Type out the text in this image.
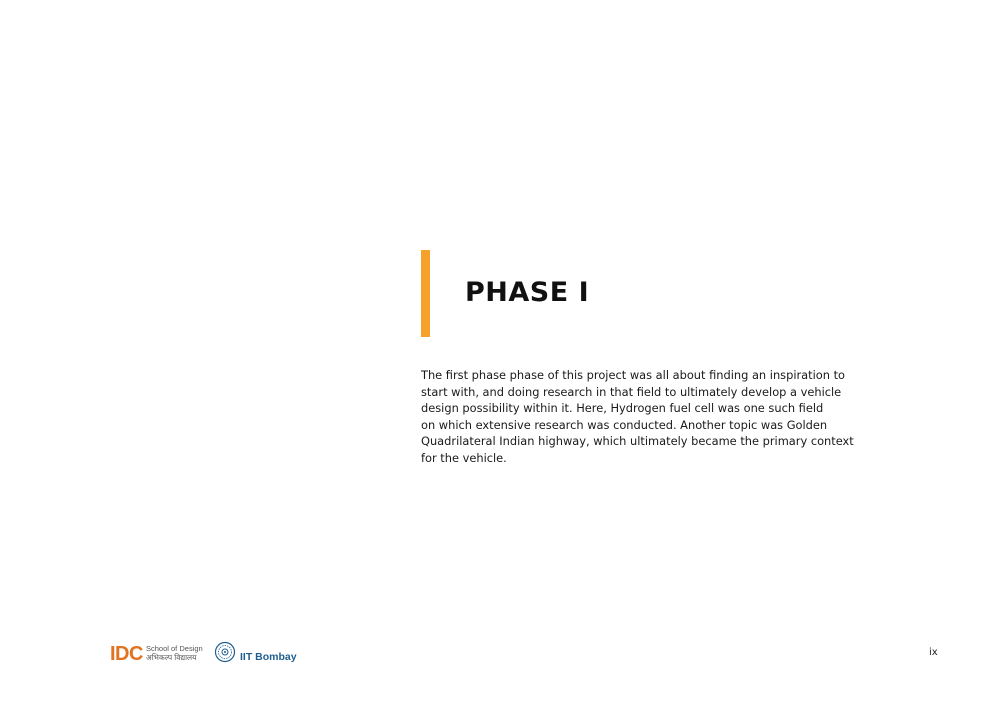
PHASE I

The first phase phase of this project was all about finding an inspiration to
start with, and doing research in that field to ultimately develop a vehicle
design possibility within it. Here, Hydrogen fuel cell was one such field
on which extensive research was conducted. Another topic was Golden
Quadrilateral Indian highway, which ultimately became the primary context
for the vehicle.

IDC School of Design
अभिकल्प विद्यालय	IIT Bombay	ix
